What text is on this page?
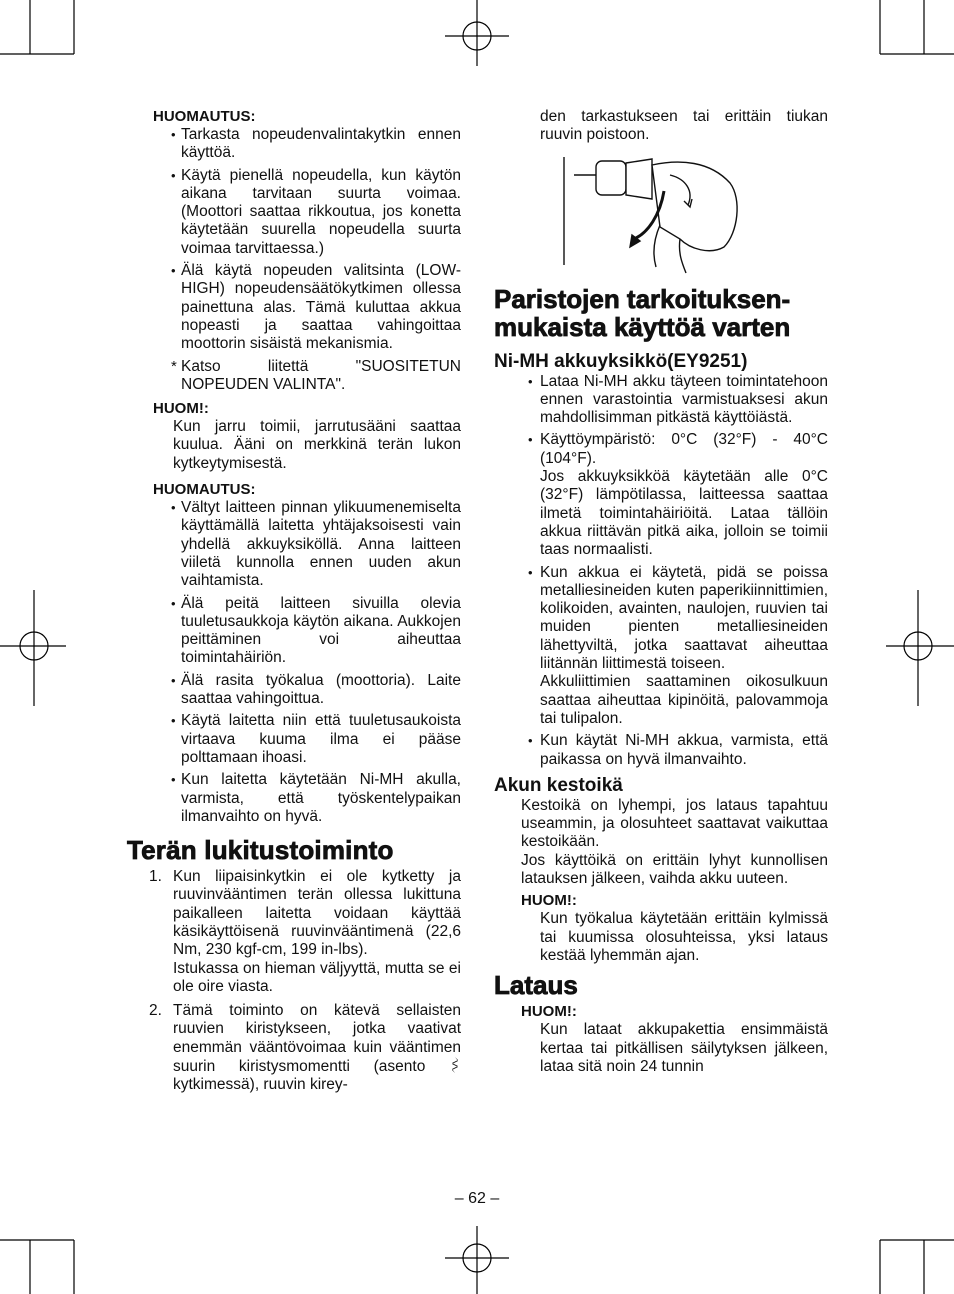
HUOMAUTUS:

• Tarkasta nopeudenvalintakytkin ennen käyttöä.
• Käytä pienellä nopeudella, kun käytön aikana tarvitaan suurta voimaa. (Moottori saattaa rikkoutua, jos konetta käytetään suurella nopeudella suurta voimaa tarvittaessa.)
• Älä käytä nopeuden valitsinta (LOW-HIGH) nopeudensäätökytkimen ollessa painettuna alas. Tämä kuluttaa akkua nopeasti ja saattaa vahingoittaa moottorin sisäistä mekanismia.
* Katso liitettä "SUOSITETUN NOPEUDEN VALINTA".

HUOM!:

Kun jarru toimii, jarrutusääni saattaa kuulua. Ääni on merkkinä terän lukon kytkeytymisestä.

HUOMAUTUS:

• Vältyt laitteen pinnan ylikuumenemiselta käyttämällä laitetta yhtäjaksoisesti vain yhdellä akkuyksiköllä. Anna laitteen viiletä kunnolla ennen uuden akun vaihtamista.
• Älä peitä laitteen sivuilla olevia tuuletusaukkoja käytön aikana. Aukkojen peittäminen voi aiheuttaa toimintahäiriön.
• Älä rasita työkalua (moottoria). Laite saattaa vahingoittua.
• Käytä laitetta niin että tuuletusaukoista virtaava kuuma ilma ei pääse polttamaan ihoasi.
• Kun laitetta käytetään Ni-MH akulla, varmista, että työskentelypaikan ilmanvaihto on hyvä.

Terän lukitustoiminto

1. Kun liipaisinkytkin ei ole kytketty ja ruuvinvääntimen terän ollessa lukittuna paikalleen laitetta voidaan käyttää käsikäyttöisenä ruuvinvääntimenä (22,6 Nm, 230 kgf-cm, 199 in-lbs).
Istukassa on hieman väljyyttä, mutta se ei ole oire viasta.
2. Tämä toiminto on kätevä sellaisten ruuvien kiristykseen, jotka vaativat enemmän vääntövoimaa kuin vääntimen suurin kiristysmomentti (asento  kytkimessä), ruuvin kirey-

den tarkastukseen tai erittäin tiukan ruuvin poistoon.

Paristojen tarkoituksen-mukaista käyttöä varten

Ni-MH akkuyksikkö(EY9251)

• Lataa Ni-MH akku täyteen toimintatehoon ennen varastointia varmistuaksesi akun mahdollisimman pitkästä käyttöiästä.
• Käyttöympäristö: 0°C (32°F) - 40°C (104°F).
Jos akkuyksikköä käytetään alle 0°C (32°F) lämpötilassa, laitteessa saattaa ilmetä toimintahäiriöitä. Lataa tällöin akkua riittävän pitkä aika, jolloin se toimii taas normaalisti.
• Kun akkua ei käytetä, pidä se poissa metalliesineiden kuten paperikiinnittimien, kolikoiden, avainten, naulojen, ruuvien tai muiden pienten metalliesineiden lähettyviltä, jotka saattavat aiheuttaa liitännän liittimestä toiseen.
Akkuliittimien saattaminen oikosulkuun saattaa aiheuttaa kipinöitä, palovammoja tai tulipalon.
• Kun käytät Ni-MH akkua, varmista, että paikassa on hyvä ilmanvaihto.

Akun kestoikä

Kestoikä on lyhempi, jos lataus tapahtuu useammin, ja olosuhteet saattavat vaikuttaa kestoikään.

Jos käyttöikä on erittäin lyhyt kunnollisen latauksen jälkeen, vaihda akku uuteen.

HUOM!:

Kun työkalua käytetään erittäin kylmissä tai kuumissa olosuhteissa, yksi lataus kestää lyhemmän ajan.

Lataus

HUOM!:

Kun lataat akkupakettia ensimmäistä kertaa tai pitkällisen säilytyksen jälkeen, lataa sitä noin 24 tunnin

– 62 –
